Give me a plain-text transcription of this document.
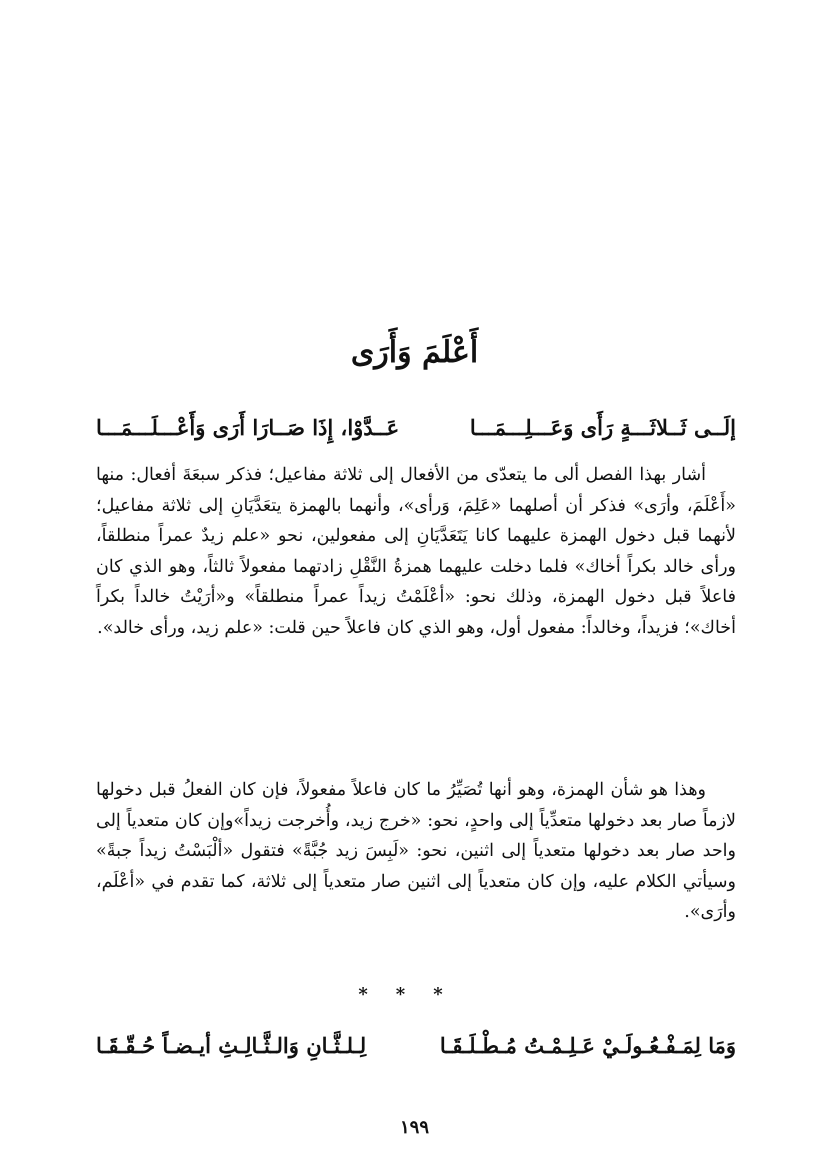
أَعْلَمَ وَأَرَى
إلَــى ثَــلاثَـــةٍ رَأَى وَعَـــلِـــمَـــا
عَــدَّوْا، إِذَا صَــارَا أَرَى وَأَعْـــلَـــمَـــا

أشار بهذا الفصل ألى ما يتعدّى من الأفعال إلى ثلاثة مفاعيل؛ فذكر سبعَةَ أفعال: منها «أَعْلَمَ، وأرَى» فذكر أن أصلهما «عَلِمَ، وَرأى»، وأنهما بالهمزة يتعَدَّيَانِ إلى ثلاثة مفاعيل؛ لأنهما قبل دخول الهمزة عليهما كانا يَتَعَدَّيَانِ إلى مفعولين، نحو «علم زيدٌ عمراً منطلقاً، ورأى خالد بكراً أخاك» فلما دخلت عليهما همزةُ النَّقْلِ زادتهما مفعولاً ثالثاً، وهو الذي كان فاعلاً قبل دخول الهمزة، وذلك نحو: «أعْلَمْتُ زيداً عمراً منطلقاً» و«أرَيْتُ خالداً بكراً أخاك»؛ فزيداً، وخالداً: مفعول أول، وهو الذي كان فاعلاً حين قلت: «علم زيد، ورأى خالد».

وهذا هو شأن الهمزة، وهو أنها تُصَيِّرُ ما كان فاعلاً مفعولاً، فإن كان الفعلُ قبل دخولها لازماً صار بعد دخولها متعدِّياً إلى واحدٍ، نحو: «خرج زيد، وأُخرجت زيداً»وإن كان متعدياً إلى واحد صار بعد دخولها متعدياً إلى اثنين، نحو: «لَبِسَ زيد جُبَّةً» فتقول «ألْبَسْتُ زيداً جبةً» وسيأتي الكلام عليه، وإن كان متعدياً إلى اثنين صار متعدياً إلى ثلاثة، كما تقدم في «أعْلَم، وأرَى».

***
وَمَا لِمَـفْـعُـولَـيْ عَـلِـمْـتُ مُـطْـلَـقَـا
لِـلـثَّـانِ وَالـثَّـالِـثِ أيـضـاً حُـقّـقَـا
١٩٩
